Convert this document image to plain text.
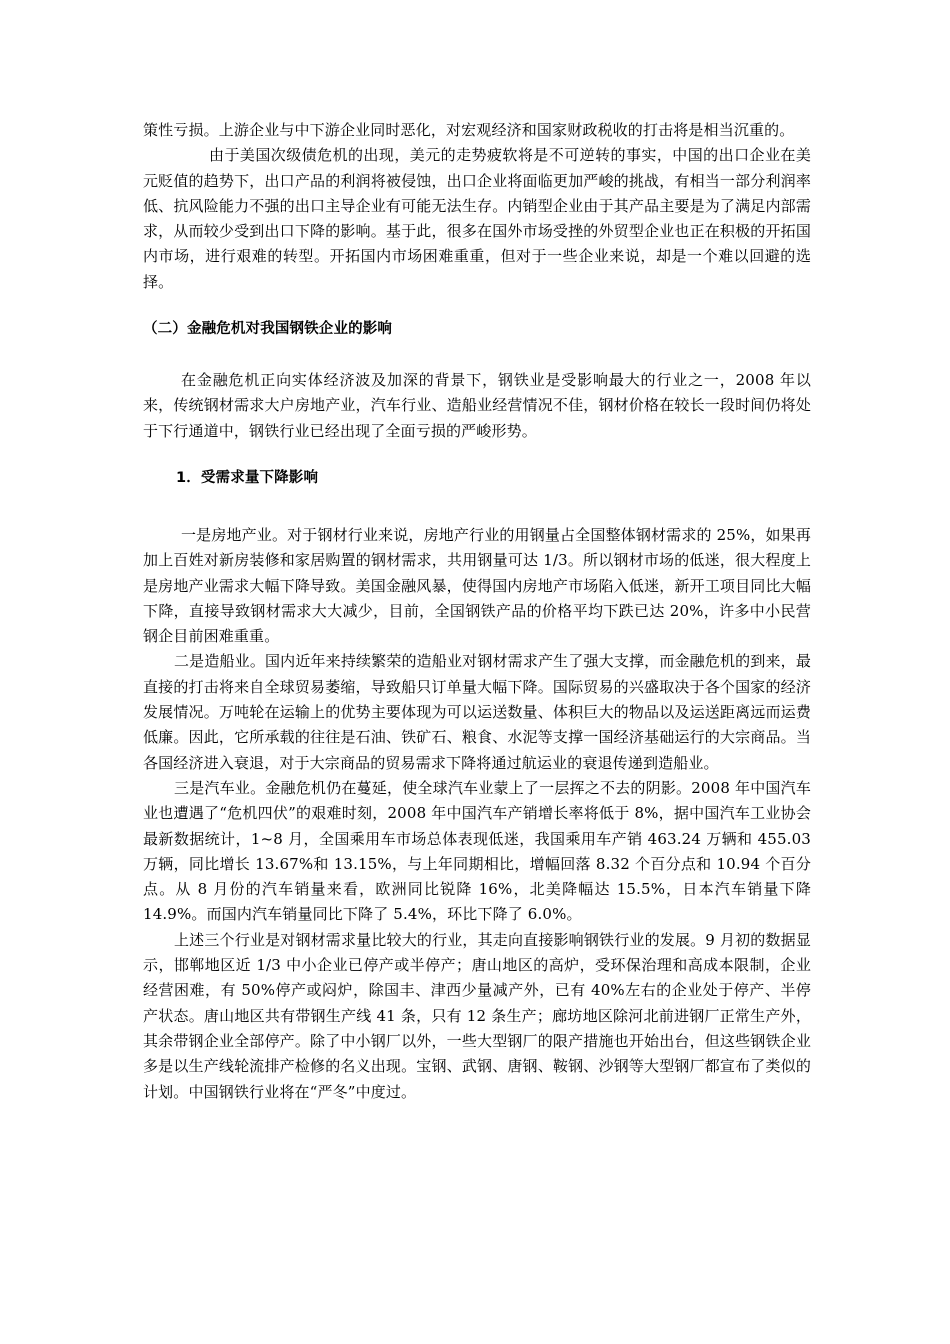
策性亏损。上游企业与中下游企业同时恶化，对宏观经济和国家财政税收的打击将是相当沉重的。

由于美国次级债危机的出现，美元的走势疲软将是不可逆转的事实，中国的出口企业在美元贬值的趋势下，出口产品的利润将被侵蚀，出口企业将面临更加严峻的挑战，有相当一部分利润率低、抗风险能力不强的出口主导企业有可能无法生存。内销型企业由于其产品主要是为了满足内部需求，从而较少受到出口下降的影响。基于此，很多在国外市场受挫的外贸型企业也正在积极的开拓国内市场，进行艰难的转型。开拓国内市场困难重重，但对于一些企业来说，却是一个难以回避的选择。

（二）金融危机对我国钢铁企业的影响

在金融危机正向实体经济波及加深的背景下，钢铁业是受影响最大的行业之一，2008 年以来，传统钢材需求大户房地产业，汽车行业、造船业经营情况不佳，钢材价格在较长一段时间仍将处于下行通道中，钢铁行业已经出现了全面亏损的严峻形势。

1．受需求量下降影响

一是房地产业。对于钢材行业来说，房地产行业的用钢量占全国整体钢材需求的 25%，如果再加上百姓对新房装修和家居购置的钢材需求，共用钢量可达 1/3。所以钢材市场的低迷，很大程度上是房地产业需求大幅下降导致。美国金融风暴，使得国内房地产市场陷入低迷，新开工项目同比大幅下降，直接导致钢材需求大大减少，目前，全国钢铁产品的价格平均下跌已达 20%，许多中小民营钢企目前困难重重。

二是造船业。国内近年来持续繁荣的造船业对钢材需求产生了强大支撑，而金融危机的到来，最直接的打击将来自全球贸易萎缩，导致船只订单量大幅下降。国际贸易的兴盛取决于各个国家的经济发展情况。万吨轮在运输上的优势主要体现为可以运送数量、体积巨大的物品以及运送距离远而运费低廉。因此，它所承载的往往是石油、铁矿石、粮食、水泥等支撑一国经济基础运行的大宗商品。当各国经济进入衰退，对于大宗商品的贸易需求下降将通过航运业的衰退传递到造船业。

三是汽车业。金融危机仍在蔓延，使全球汽车业蒙上了一层挥之不去的阴影。2008 年中国汽车业也遭遇了“危机四伏”的艰难时刻，2008 年中国汽车产销增长率将低于 8%，据中国汽车工业协会最新数据统计，1~8 月，全国乘用车市场总体表现低迷，我国乘用车产销 463.24 万辆和 455.03 万辆，同比增长 13.67%和 13.15%，与上年同期相比，增幅回落 8.32 个百分点和 10.94 个百分点。从 8 月份的汽车销量来看，欧洲同比锐降 16%，北美降幅达 15.5%，日本汽车销量下降 14.9%。而国内汽车销量同比下降了 5.4%，环比下降了 6.0%。

上述三个行业是对钢材需求量比较大的行业，其走向直接影响钢铁行业的发展。9 月初的数据显示，邯郸地区近 1/3 中小企业已停产或半停产；唐山地区的高炉，受环保治理和高成本限制，企业经营困难，有 50%停产或闷炉，除国丰、津西少量减产外，已有 40%左右的企业处于停产、半停产状态。唐山地区共有带钢生产线 41 条，只有 12 条生产；廊坊地区除河北前进钢厂正常生产外，其余带钢企业全部停产。除了中小钢厂以外，一些大型钢厂的限产措施也开始出台，但这些钢铁企业多是以生产线轮流排产检修的名义出现。宝钢、武钢、唐钢、鞍钢、沙钢等大型钢厂都宣布了类似的计划。中国钢铁行业将在“严冬”中度过。
